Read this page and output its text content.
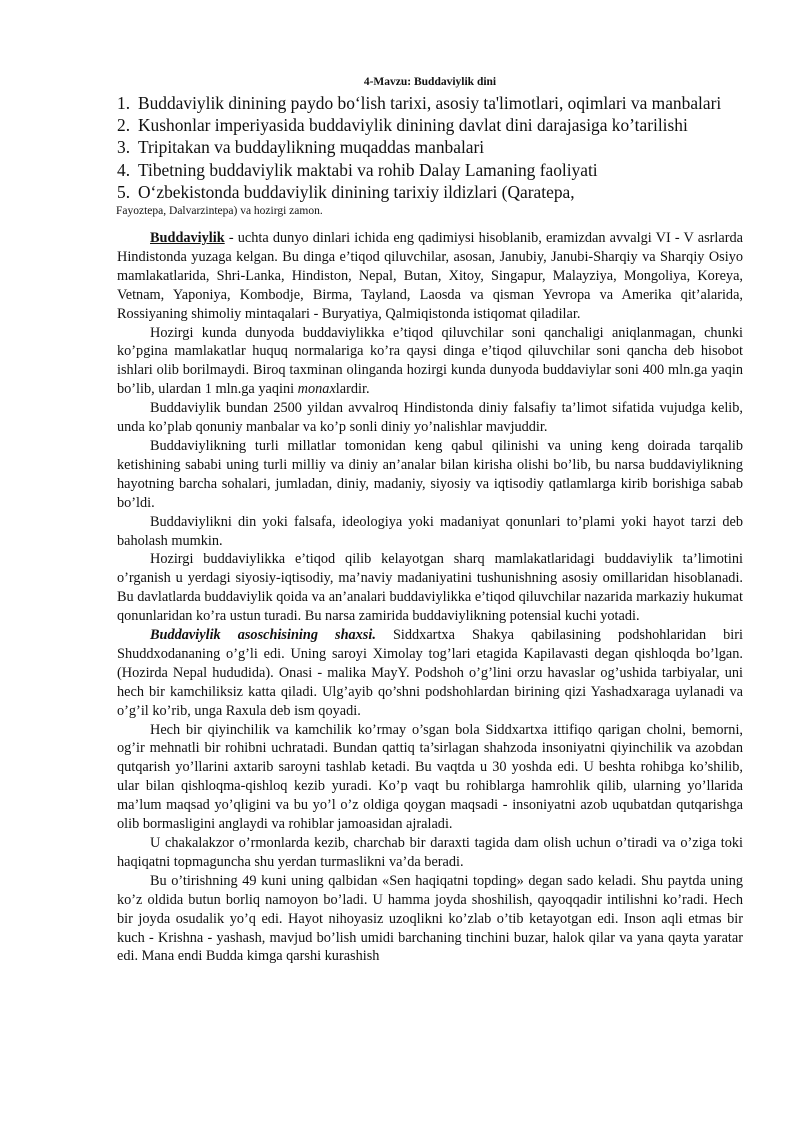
4-Mavzu: Buddaviylik dini
1. Buddaviylik dinining paydo bo‘lish tarixi, asosiy ta'limotlari, oqimlari va manbalari
2. Kushonlar imperiyasida buddaviylik dinining davlat dini darajasiga ko’tarilishi
3. Tripitakan va buddaylikning muqaddas manbalari
4. Tibetning buddaviylik maktabi va rohib Dalay Lamaning faoliyati
5. O‘zbekistonda buddaviylik dinining tarixiy ildizlari (Qaratepa,
Fayoztepa, Dalvarzintepa) va hozirgi zamon.

Buddaviylik - uchta dunyo dinlari ichida eng qadimiysi hisoblanib, eramizdan avvalgi VI - V asrlarda Hindistonda yuzaga kelgan. Bu dinga e’tiqod qiluvchilar, asosan, Janubiy, Janubi-Sharqiy va Sharqiy Osiyo mamlakatlarida, Shri-Lanka, Hindiston, Nepal, Butan, Xitoy, Singapur, Malayziya, Mongoliya, Koreya, Vetnam, Yaponiya, Kombodje, Birma, Tayland, Laosda va qisman Yevropa va Amerika qit’alarida, Rossiyaning shimoliy mintaqalari - Buryatiya, Qalmiqistonda istiqomat qiladilar.

Hozirgi kunda dunyoda buddaviylikka e’tiqod qiluvchilar soni qanchaligi aniqlanmagan, chunki ko’pgina mamlakatlar huquq normalariga ko’ra qaysi dinga e’tiqod qiluvchilar soni qancha deb hisobot ishlari olib borilmaydi. Biroq taxminan olinganda hozirgi kunda dunyoda buddaviylar soni 400 mln.ga yaqin bo’lib, ulardan 1 mln.ga yaqini monaxlardir.

Buddaviylik bundan 2500 yildan avvalroq Hindistonda diniy falsafiy ta’limot sifatida vujudga kelib, unda ko’plab qonuniy manbalar va ko’p sonli diniy yo’nalishlar mavjuddir.

Buddaviylikning turli millatlar tomonidan keng qabul qilinishi va uning keng doirada tarqalib ketishining sababi uning turli milliy va diniy an’analar bilan kirisha olishi bo’lib, bu narsa buddaviylikning hayotning barcha sohalari, jumladan, diniy, madaniy, siyosiy va iqtisodiy qatlamlarga kirib borishiga sabab bo’ldi.

Buddaviylikni din yoki falsafa, ideologiya yoki madaniyat qonunlari to’plami yoki hayot tarzi deb baholash mumkin.

Hozirgi buddaviylikka e’tiqod qilib kelayotgan sharq mamlakatlaridagi buddaviylik ta’limotini o’rganish u yerdagi siyosiy-iqtisodiy, ma’naviy madaniyatini tushunishning asosiy omillaridan hisoblanadi. Bu davlatlarda buddaviylik qoida va an’analari buddaviylikka e’tiqod qiluvchilar nazarida markaziy hukumat qonunlaridan ko’ra ustun turadi. Bu narsa zamirida buddaviylikning potensial kuchi yotadi.

Buddaviylik asoschisining shaxsi. Siddxartxa Shakya qabilasining podshohlaridan biri Shuddxodananing o’g’li edi. Uning saroyi Ximolay tog’lari etagida Kapilavasti degan qishloqda bo’lgan. (Hozirda Nepal hududida). Onasi - malika MayY. Podshoh o’g’lini orzu havaslar og’ushida tarbiyalar, uni hech bir kamchiliksiz katta qiladi. Ulg’ayib qo’shni podshohlardan birining qizi Yashadxaraga uylanadi va o’g’il ko’rib, unga Raxula deb ism qoyadi.

Hech bir qiyinchilik va kamchilik ko’rmay o’sgan bola Siddxartxa ittifiqo qarigan cholni, bemorni, og’ir mehnatli bir rohibni uchratadi. Bundan qattiq ta’sirlagan shahzoda insoniyatni qiyinchilik va azobdan qutqarish yo’llarini axtarib saroyni tashlab ketadi. Bu vaqtda u 30 yoshda edi. U beshta rohibga ko’shilib, ular bilan qishloqma-qishloq kezib yuradi. Ko’p vaqt bu rohiblarga hamrohlik qilib, ularning yo’llarida ma’lum maqsad yo’qligini va bu yo’l o’z oldiga qoygan maqsadi - insoniyatni azob uqubatdan qutqarishga olib bormasligini anglaydi va rohiblar jamoasidan ajraladi.

U chakalakzor o’rmonlarda kezib, charchab bir daraxti tagida dam olish uchun o’tiradi va o’ziga toki haqiqatni topmaguncha shu yerdan turmaslikni va’da beradi.

Bu o’tirishning 49 kuni uning qalbidan «Sen haqiqatni topding» degan sado keladi. Shu paytda uning ko’z oldida butun borliq namoyon bo’ladi. U hamma joyda shoshilish, qayoqqadir intilishni ko’radi. Hech bir joyda osudalik yo’q edi. Hayot nihoyasiz uzoqlikni ko’zlab o’tib ketayotgan edi. Inson aqli etmas bir kuch - Krishna - yashash, mavjud bo’lish umidi barchaning tinchini buzar, halok qilar va yana qayta yaratar edi. Mana endi Budda kimga qarshi kurashish
